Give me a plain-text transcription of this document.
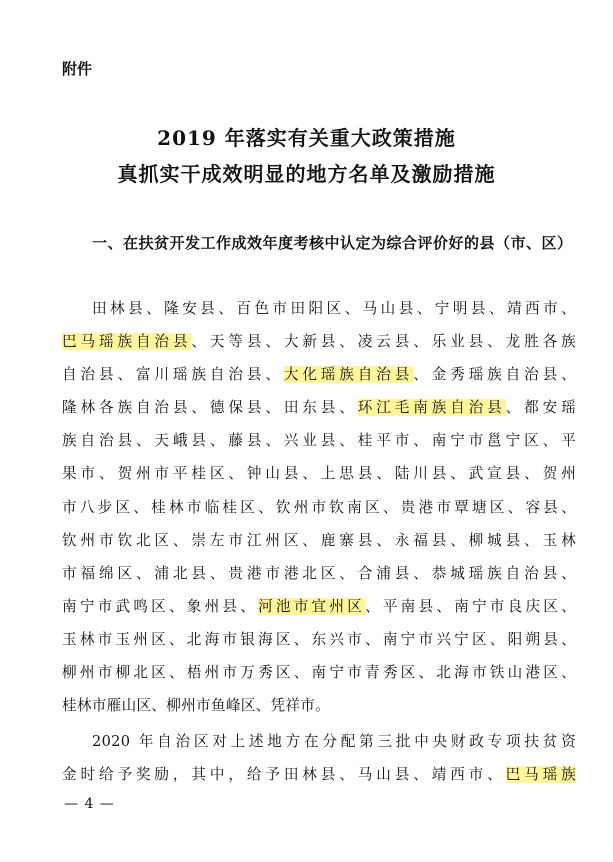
附件
2019 年落实有关重大政策措施
真抓实干成效明显的地方名单及激励措施

一、在扶贫开发工作成效年度考核中认定为综合评价好的县（市、区）

田林县、隆安县、百色市田阳区、马山县、宁明县、靖西市、
巴马瑶族自治县、天等县、大新县、凌云县、乐业县、龙胜各族
自治县、富川瑶族自治县、大化瑶族自治县、金秀瑶族自治县、
隆林各族自治县、德保县、田东县、环江毛南族自治县、都安瑶
族自治县、天峨县、藤县、兴业县、桂平市、南宁市邕宁区、平
果市、贺州市平桂区、钟山县、上思县、陆川县、武宣县、贺州
市八步区、桂林市临桂区、钦州市钦南区、贵港市覃塘区、容县、
钦州市钦北区、崇左市江州区、鹿寨县、永福县、柳城县、玉林
市福绵区、浦北县、贵港市港北区、合浦县、恭城瑶族自治县、
南宁市武鸣区、象州县、河池市宜州区、平南县、南宁市良庆区、
玉林市玉州区、北海市银海区、东兴市、南宁市兴宁区、阳朔县、
柳州市柳北区、梧州市万秀区、南宁市青秀区、北海市铁山港区、
桂林市雁山区、柳州市鱼峰区、凭祥市。

2020 年自治区对上述地方在分配第三批中央财政专项扶贫资
金时给予奖励，其中，给予田林县、马山县、靖西市、巴马瑶族

— 4 —
